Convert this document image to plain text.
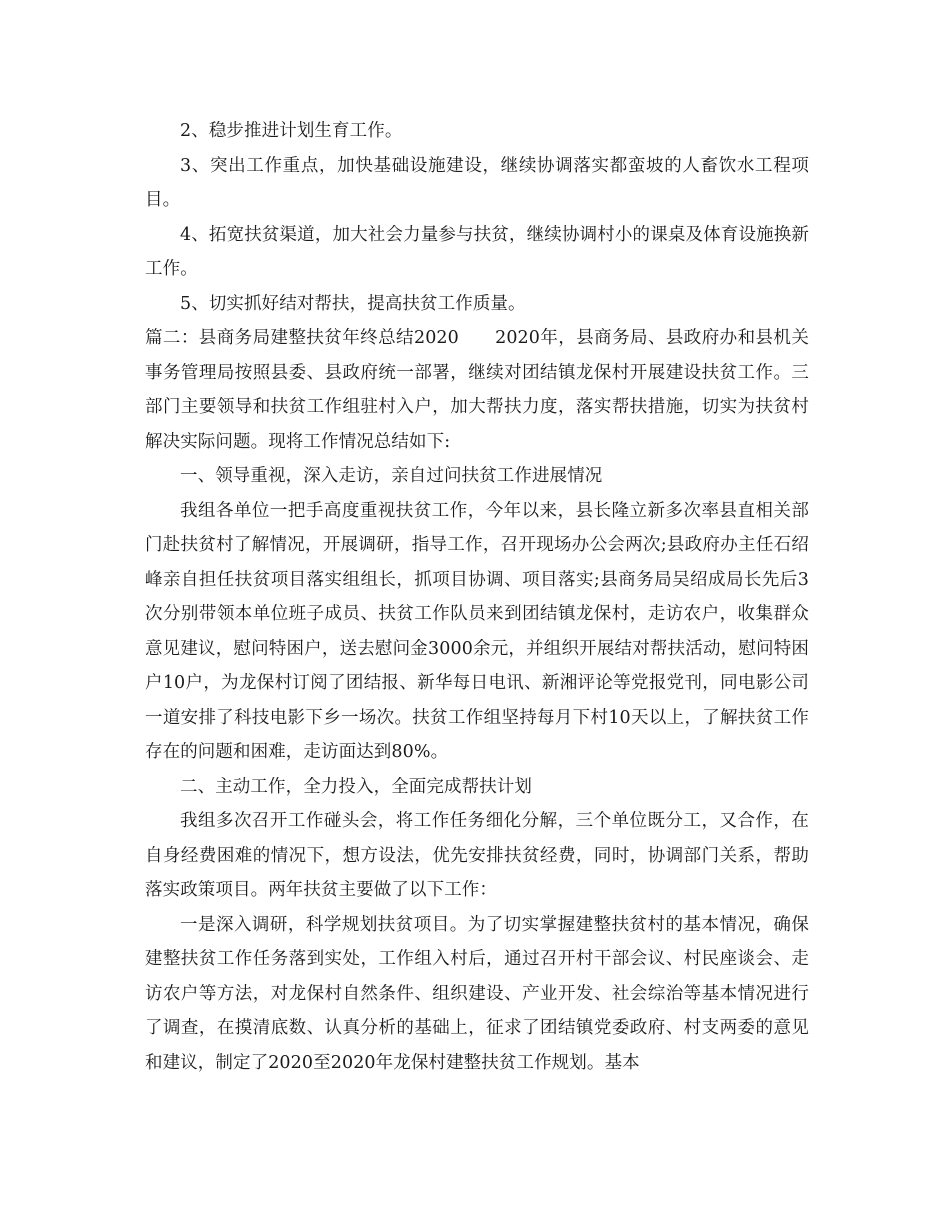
2、稳步推进计划生育工作。

3、突出工作重点，加快基础设施建设，继续协调落实都蛮坡的人畜饮水工程项目。

4、拓宽扶贫渠道，加大社会力量参与扶贫，继续协调村小的课桌及体育设施换新工作。

5、切实抓好结对帮扶，提高扶贫工作质量。

篇二：县商务局建整扶贫年终总结2020　　2020年，县商务局、县政府办和县机关事务管理局按照县委、县政府统一部署，继续对团结镇龙保村开展建设扶贫工作。三部门主要领导和扶贫工作组驻村入户，加大帮扶力度，落实帮扶措施，切实为扶贫村解决实际问题。现将工作情况总结如下:

一、领导重视，深入走访，亲自过问扶贫工作进展情况

我组各单位一把手高度重视扶贫工作，今年以来，县长隆立新多次率县直相关部门赴扶贫村了解情况，开展调研，指导工作，召开现场办公会两次;县政府办主任石绍峰亲自担任扶贫项目落实组组长，抓项目协调、项目落实;县商务局吴绍成局长先后3次分别带领本单位班子成员、扶贫工作队员来到团结镇龙保村，走访农户，收集群众意见建议，慰问特困户，送去慰问金3000余元，并组织开展结对帮扶活动，慰问特困户10户，为龙保村订阅了团结报、新华每日电讯、新湘评论等党报党刊，同电影公司一道安排了科技电影下乡一场次。扶贫工作组坚持每月下村10天以上，了解扶贫工作存在的问题和困难，走访面达到80%。

二、主动工作，全力投入，全面完成帮扶计划

我组多次召开工作碰头会，将工作任务细化分解，三个单位既分工，又合作，在自身经费困难的情况下，想方设法，优先安排扶贫经费，同时，协调部门关系，帮助落实政策项目。两年扶贫主要做了以下工作：

一是深入调研，科学规划扶贫项目。为了切实掌握建整扶贫村的基本情况，确保建整扶贫工作任务落到实处，工作组入村后，通过召开村干部会议、村民座谈会、走访农户等方法，对龙保村自然条件、组织建设、产业开发、社会综治等基本情况进行了调查，在摸清底数、认真分析的基础上，征求了团结镇党委政府、村支两委的意见和建议，制定了2020至2020年龙保村建整扶贫工作规划。基本
